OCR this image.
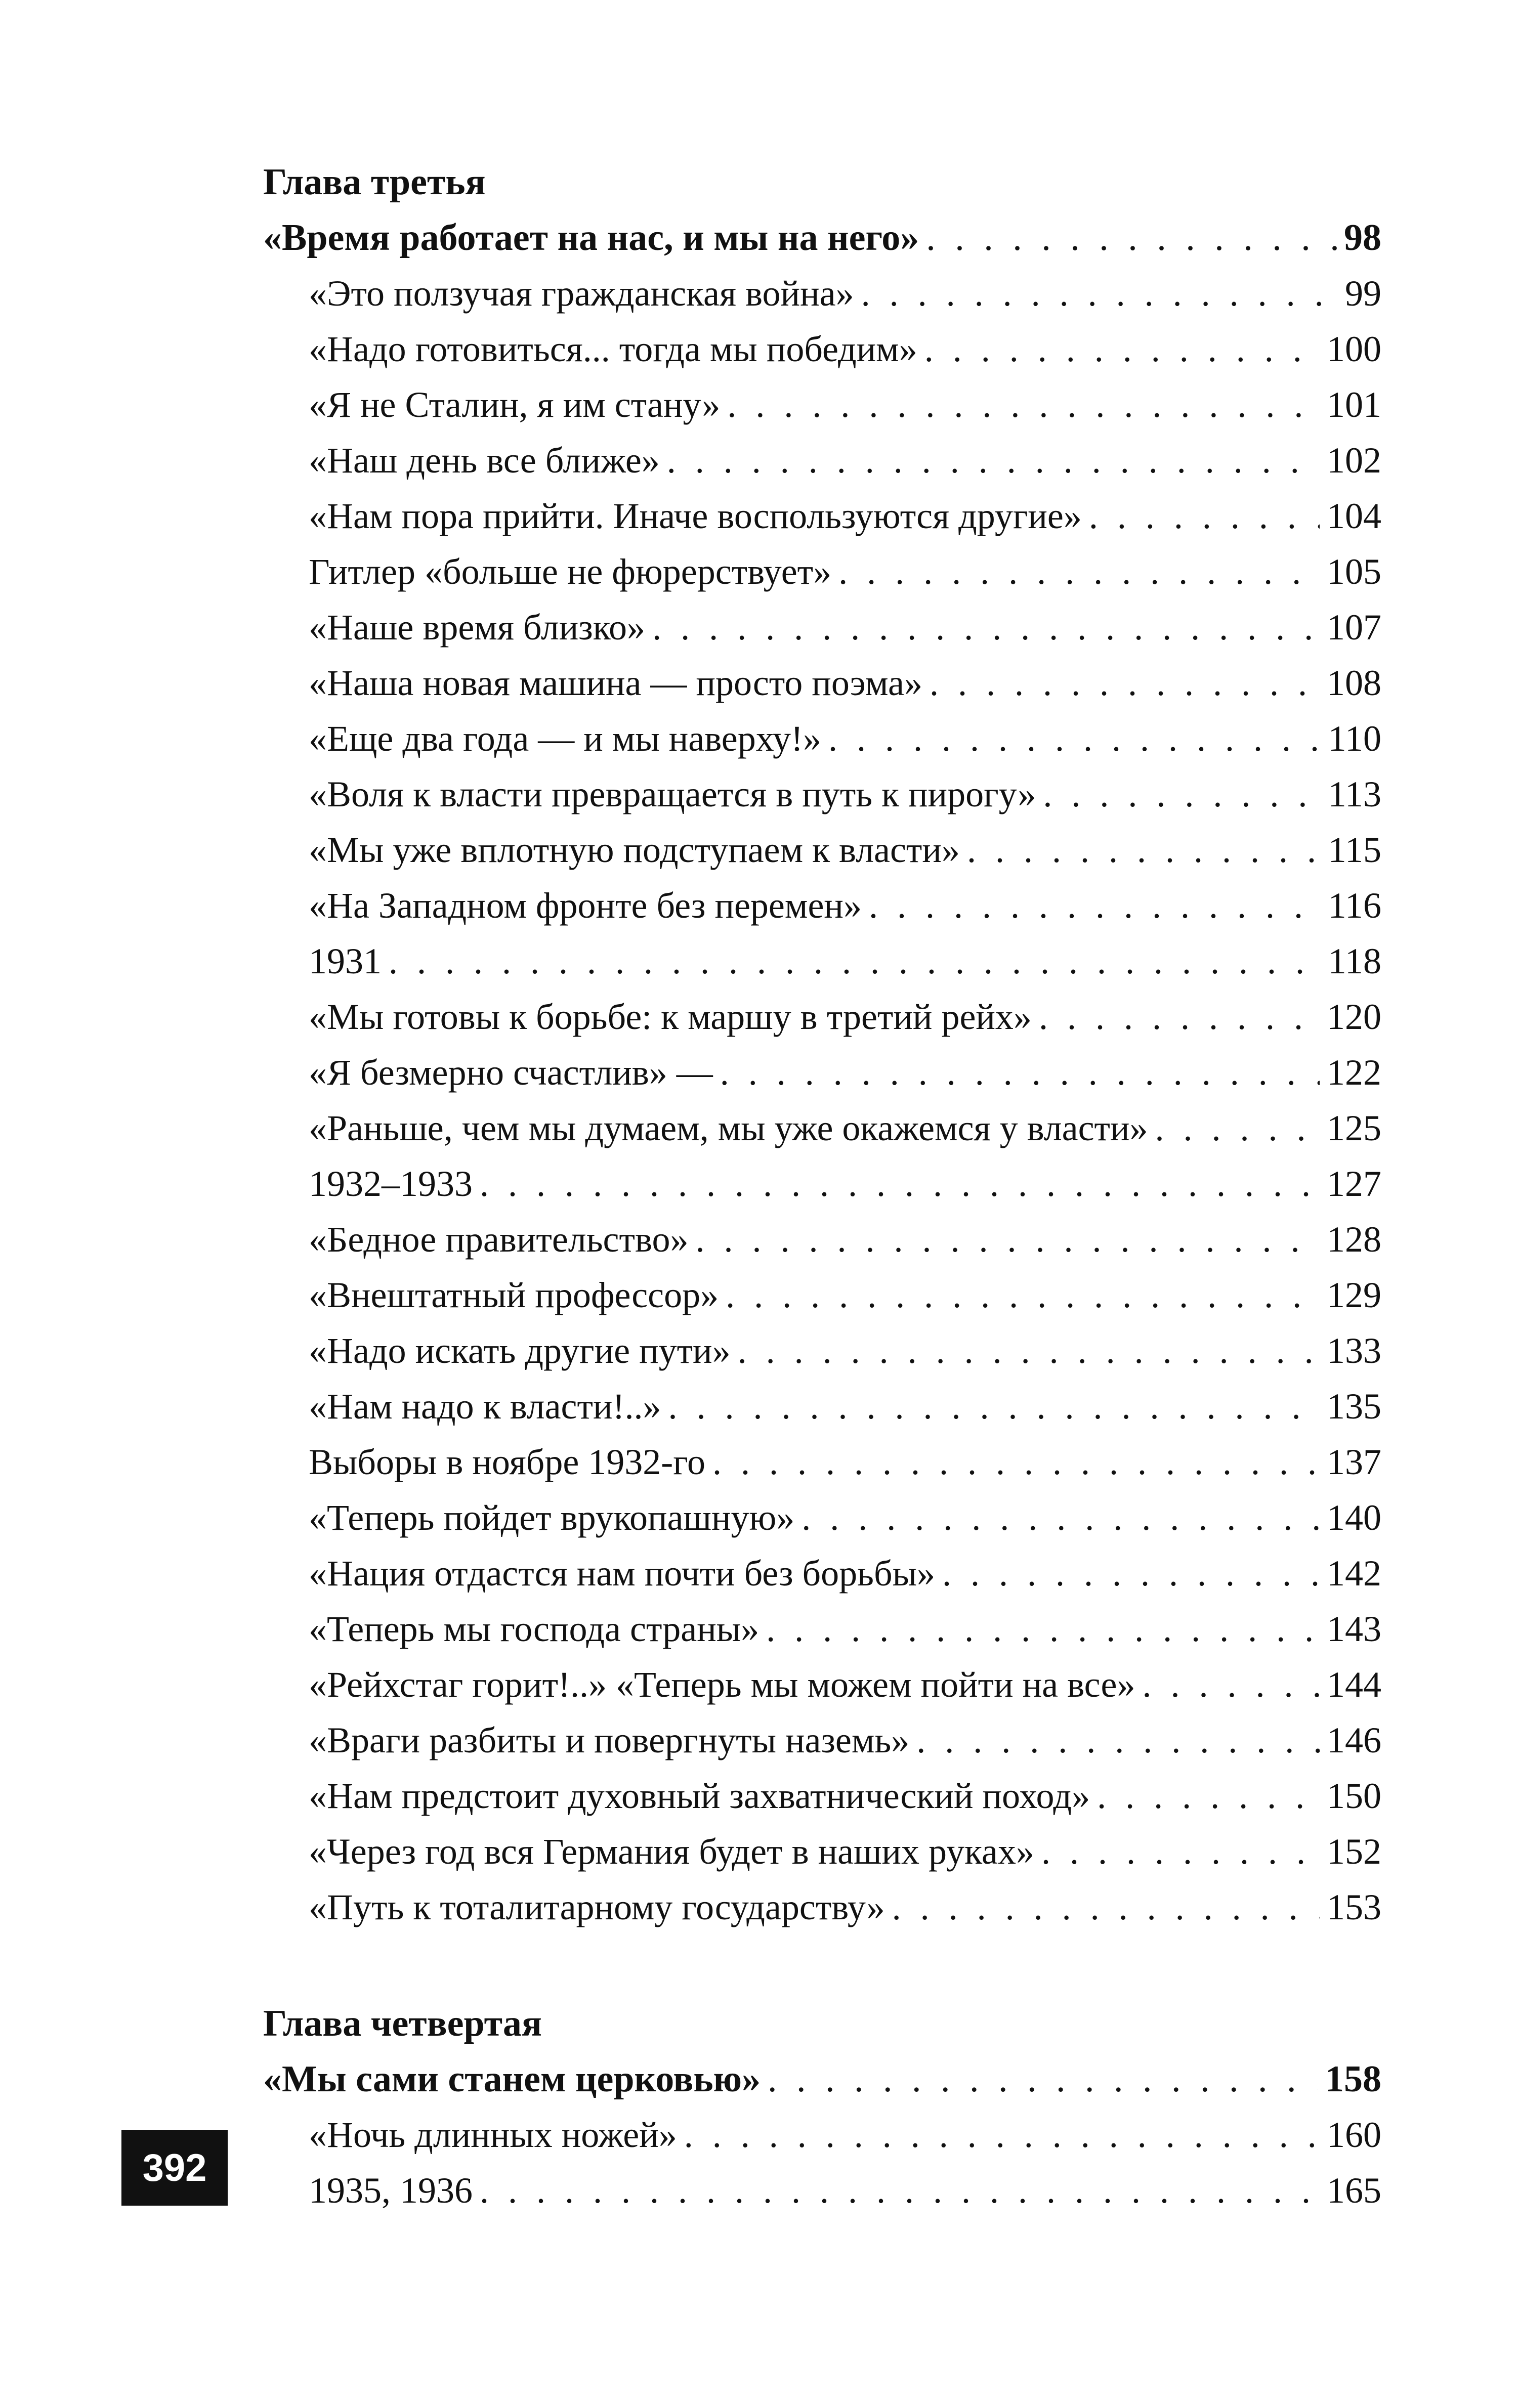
Глава третья
«Время работает на нас, и мы на него» . . .	98
«Это ползучая гражданская война» . . .	99
«Надо готовиться... тогда мы победим» . . .	100
«Я не Сталин, я им стану» . . .	101
«Наш день все ближе» . . .	102
«Нам пора прийти. Иначе воспользуются другие» . . .	104
Гитлер «больше не фюрерствует» . . .	105
«Наше время близко» . . .	107
«Наша новая машина — просто поэма» . . .	108
«Еще два года — и мы наверху!» . . .	110
«Воля к власти превращается в путь к пирогу» . . .	113
«Мы уже вплотную подступаем к власти» . . .	115
«На Западном фронте без перемен» . . .	116
1931 . . .	118
«Мы готовы к борьбе: к маршу в третий рейх» . . .	120
«Я безмерно счастлив» — . . .	122
«Раньше, чем мы думаем, мы уже окажемся у власти» . . .	125
1932–1933 . . .	127
«Бедное правительство» . . .	128
«Внештатный профессор» . . .	129
«Надо искать другие пути» . . .	133
«Нам надо к власти!..» . . .	135
Выборы в ноябре 1932-го . . .	137
«Теперь пойдет врукопашную» . . .	140
«Нация отдастся нам почти без борьбы» . . .	142
«Теперь мы господа страны» . . .	143
«Рейхстаг горит!..» «Теперь мы можем пойти на все» . . .	144
«Враги разбиты и повергнуты наземь» . . .	146
«Нам предстоит духовный захватнический поход» . . .	150
«Через год вся Германия будет в наших руках» . . .	152
«Путь к тоталитарному государству» . . .	153
Глава четвертая
«Мы сами станем церковью» . . .	158
«Ночь длинных ножей» . . .	160
1935, 1936 . . .	165
392
